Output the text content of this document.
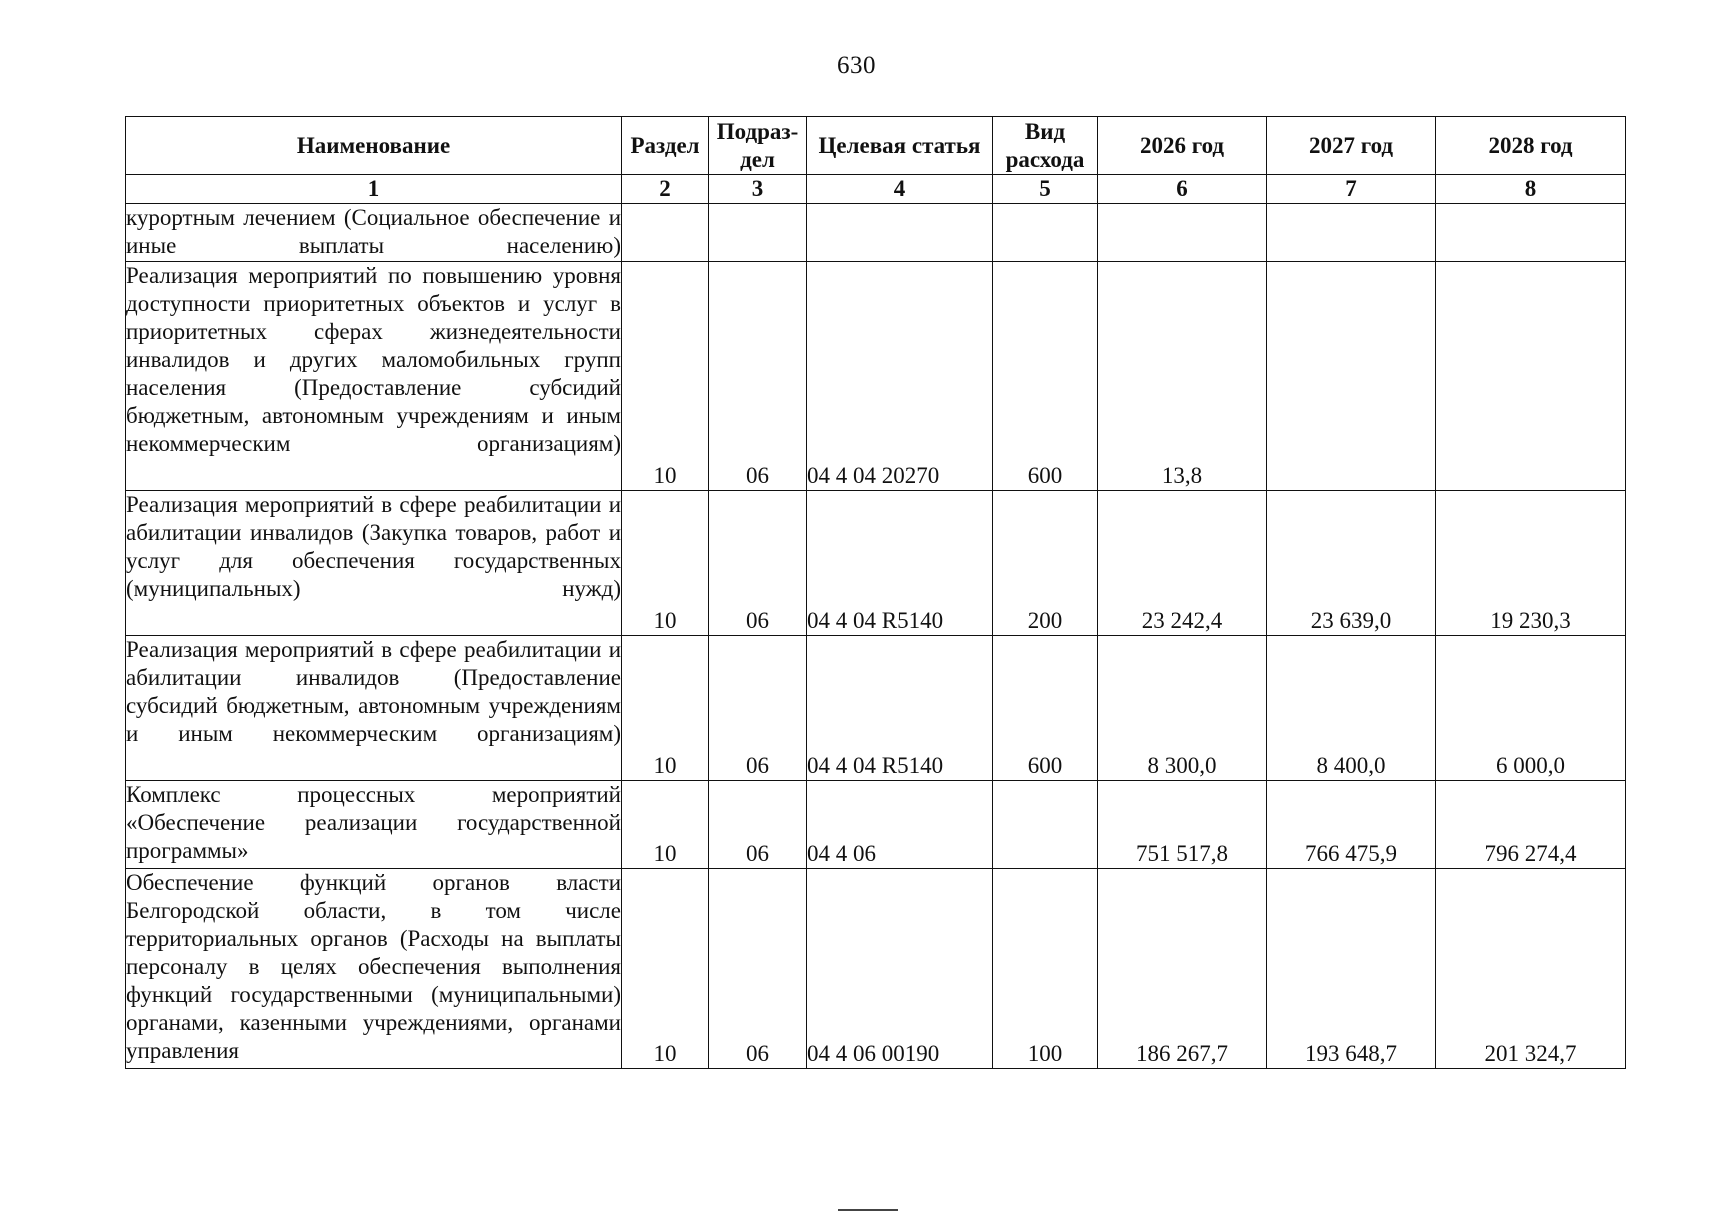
630
Наименование	Раздел	Подраз-дел	Целевая статья	Вид расхода	2026 год	2027 год	2028 год
1	2	3	4	5	6	7	8
курортным лечением (Социальное обеспечение и иные выплаты населению)							
Реализация мероприятий по повышению уровня доступности приоритетных объектов и услуг в приоритетных сферах жизнедеятельности инвалидов и других маломобильных групп населения (Предоставление субсидий бюджетным, автономным учреждениям и иным некоммерческим организациям)	10	06	04 4 04 20270	600	13,8		
Реализация мероприятий в сфере реабилитации и абилитации инвалидов (Закупка товаров, работ и услуг для обеспечения государственных (муниципальных) нужд)	10	06	04 4 04 R5140	200	23 242,4	23 639,0	19 230,3
Реализация мероприятий в сфере реабилитации и абилитации инвалидов (Предоставление субсидий бюджетным, автономным учреждениям и иным некоммерческим организациям)	10	06	04 4 04 R5140	600	8 300,0	8 400,0	6 000,0
Комплекс процессных мероприятий «Обеспечение реализации государственной программы»	10	06	04 4 06		751 517,8	766 475,9	796 274,4
Обеспечение функций органов власти Белгородской области, в том числе территориальных органов (Расходы на выплаты персоналу в целях обеспечения выполнения функций государственными (муниципальными) органами, казенными учреждениями, органами управления	10	06	04 4 06 00190	100	186 267,7	193 648,7	201 324,7
